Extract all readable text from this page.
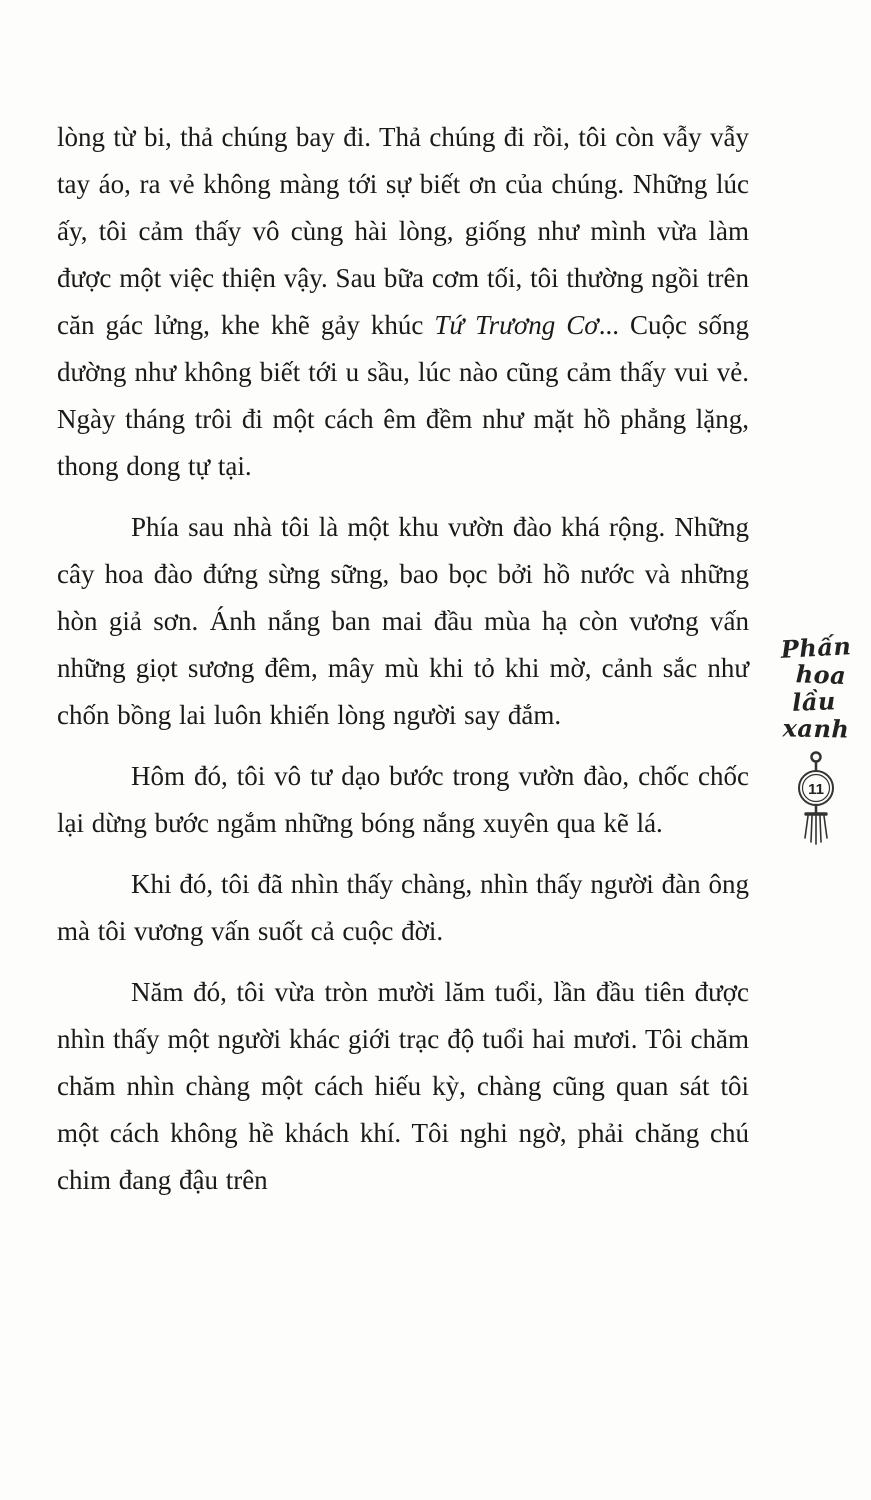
lòng từ bi, thả chúng bay đi. Thả chúng đi rồi, tôi còn vẫy vẫy tay áo, ra vẻ không màng tới sự biết ơn của chúng. Những lúc ấy, tôi cảm thấy vô cùng hài lòng, giống như mình vừa làm được một việc thiện vậy. Sau bữa cơm tối, tôi thường ngồi trên căn gác lửng, khe khẽ gảy khúc Tứ Trương Cơ... Cuộc sống dường như không biết tới u sầu, lúc nào cũng cảm thấy vui vẻ. Ngày tháng trôi đi một cách êm đềm như mặt hồ phẳng lặng, thong dong tự tại.

Phía sau nhà tôi là một khu vườn đào khá rộng. Những cây hoa đào đứng sừng sững, bao bọc bởi hồ nước và những hòn giả sơn. Ánh nắng ban mai đầu mùa hạ còn vương vấn những giọt sương đêm, mây mù khi tỏ khi mờ, cảnh sắc như chốn bồng lai luôn khiến lòng người say đắm.

Hôm đó, tôi vô tư dạo bước trong vườn đào, chốc chốc lại dừng bước ngắm những bóng nắng xuyên qua kẽ lá.

Khi đó, tôi đã nhìn thấy chàng, nhìn thấy người đàn ông mà tôi vương vấn suốt cả cuộc đời.

Năm đó, tôi vừa tròn mười lăm tuổi, lần đầu tiên được nhìn thấy một người khác giới trạc độ tuổi hai mươi. Tôi chăm chăm nhìn chàng một cách hiếu kỳ, chàng cũng quan sát tôi một cách không hề khách khí. Tôi nghi ngờ, phải chăng chú chim đang đậu trên

Phấn
hoa
lầu
xanh
11
